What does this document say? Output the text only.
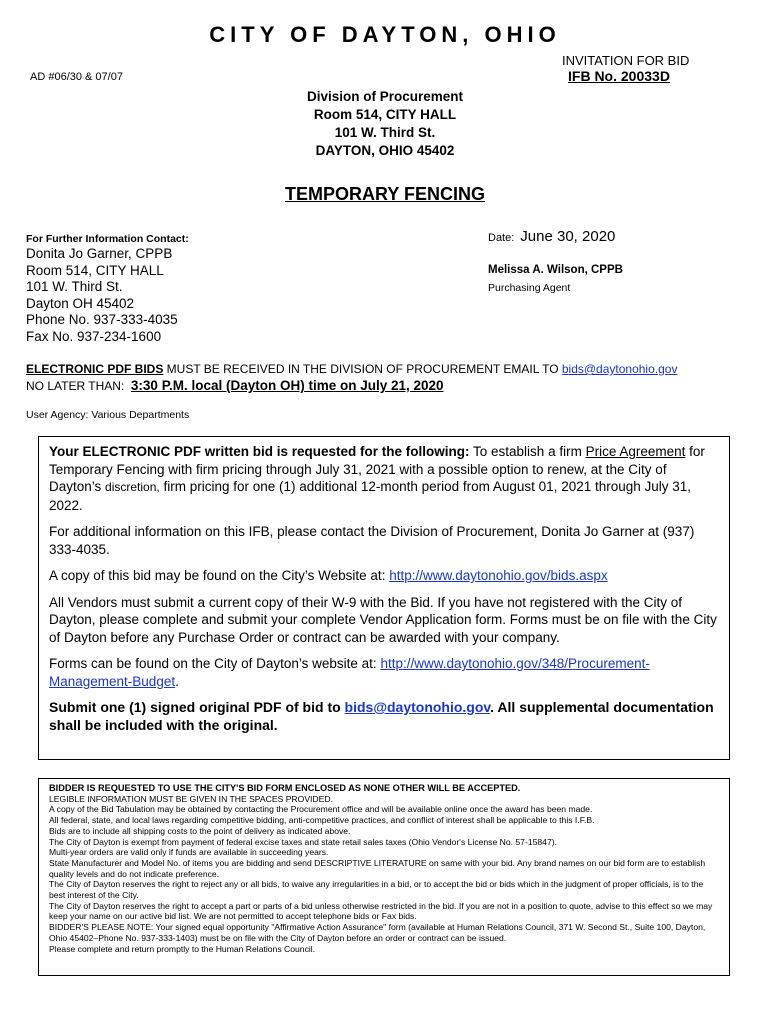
CITY OF DAYTON, OHIO
INVITATION FOR BID
IFB No. 20033D
AD #06/30 & 07/07
Division of Procurement
Room 514, CITY HALL
101 W. Third St.
DAYTON, OHIO 45402
TEMPORARY FENCING
For Further Information Contact:
Donita Jo Garner, CPPB
Room 514, CITY HALL
101 W. Third St.
Dayton OH 45402
Phone No. 937-333-4035
Fax No. 937-234-1600
Date: June 30, 2020
Melissa A. Wilson, CPPB
Purchasing Agent
ELECTRONIC PDF BIDS MUST BE RECEIVED IN THE DIVISION OF PROCUREMENT EMAIL TO bids@daytonohio.gov
NO LATER THAN: 3:30 P.M. local (Dayton OH) time on July 21, 2020
User Agency: Various Departments

Your ELECTRONIC PDF written bid is requested for the following: To establish a firm Price Agreement for Temporary Fencing with firm pricing through July 31, 2021 with a possible option to renew, at the City of Dayton’s discretion, firm pricing for one (1) additional 12-month period from August 01, 2021 through July 31, 2022.

For additional information on this IFB, please contact the Division of Procurement, Donita Jo Garner at (937) 333-4035.

A copy of this bid may be found on the City’s Website at: http://www.daytonohio.gov/bids.aspx

All Vendors must submit a current copy of their W-9 with the Bid. If you have not registered with the City of Dayton, please complete and submit your complete Vendor Application form. Forms must be on file with the City of Dayton before any Purchase Order or contract can be awarded with your company.

Forms can be found on the City of Dayton’s website at: http://www.daytonohio.gov/348/Procurement-Management-Budget.

Submit one (1) signed original PDF of bid to bids@daytonohio.gov. All supplemental documentation shall be included with the original.

BIDDER IS REQUESTED TO USE THE CITY'S BID FORM ENCLOSED AS NONE OTHER WILL BE ACCEPTED.
LEGIBLE INFORMATION MUST BE GIVEN IN THE SPACES PROVIDED.
A copy of the Bid Tabulation may be obtained by contacting the Procurement office and will be available online once the award has been made.
All federal, state, and local laws regarding competitive bidding, anti-competitive practices, and conflict of interest shall be applicable to this I.F.B.
Bids are to include all shipping costs to the point of delivery as indicated above.
The City of Dayton is exempt from payment of federal excise taxes and state retail sales taxes (Ohio Vendor's License No. 57-15847).
Multi-year orders are valid only if funds are available in succeeding years.
State Manufacturer and Model No. of items you are bidding and send DESCRIPTIVE LITERATURE on same with your bid. Any brand names on our bid form are to establish quality levels and do not indicate preference.
The City of Dayton reserves the right to reject any or all bids, to waive any irregularities in a bid, or to accept the bid or bids which in the judgment of proper officials, is to the best interest of the City.
The City of Dayton reserves the right to accept a part or parts of a bid unless otherwise restricted in the bid. If you are not in a position to quote, advise to this effect so we may keep your name on our active bid list. We are not permitted to accept telephone bids or Fax bids.
BIDDER'S PLEASE NOTE: Your signed equal opportunity "Affirmative Action Assurance" form (available at Human Relations Council, 371 W. Second St., Suite 100, Dayton, Ohio 45402–Phone No. 937-333-1403) must be on file with the City of Dayton before an order or contract can be issued.
Please complete and return promptly to the Human Relations Council.
